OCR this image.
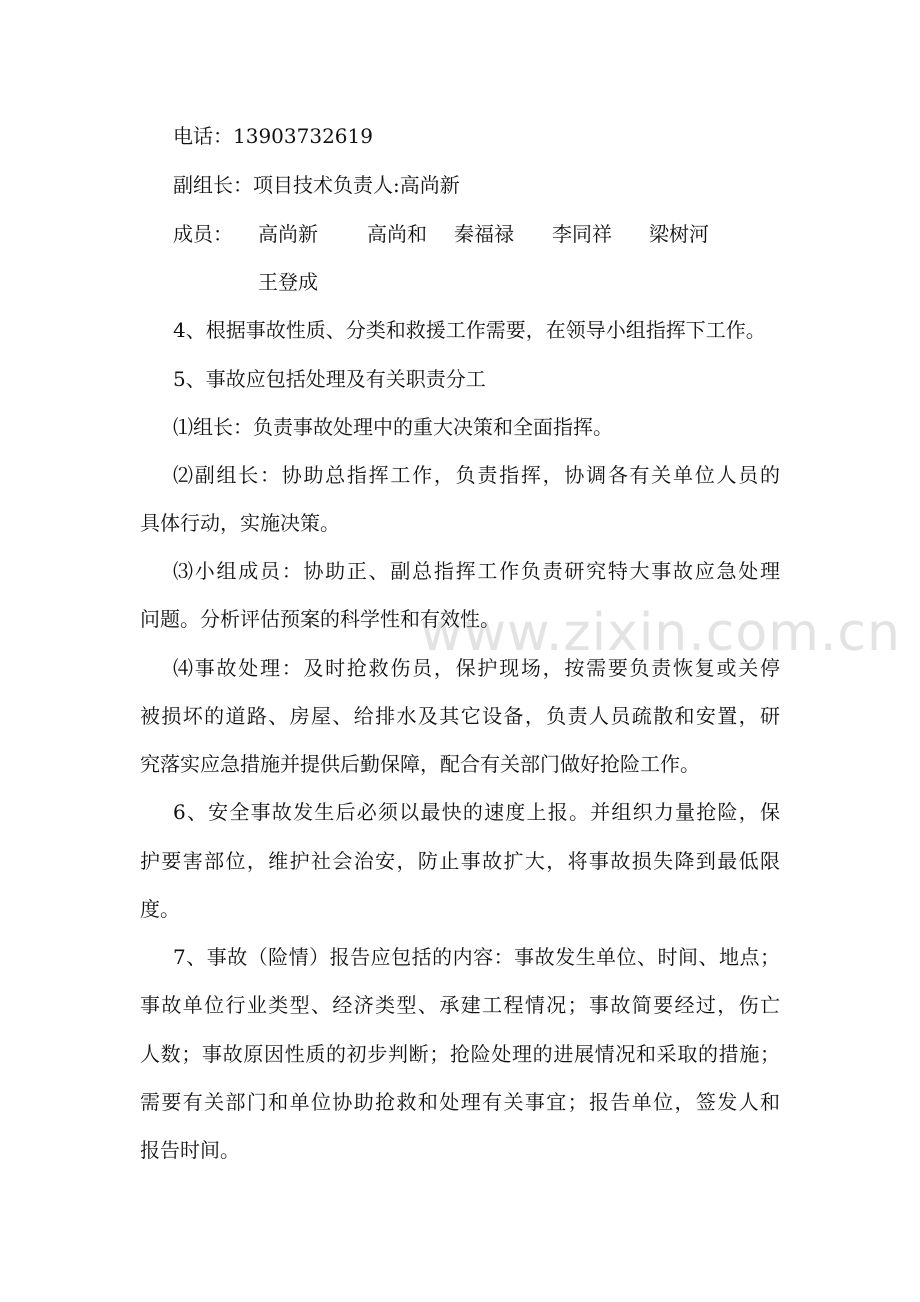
www.zixin.com.cn
电话：13903732619
副组长：项目技术负责人:高尚新
成员： 高尚新 高尚和 秦福禄 李同祥 梁树河
王登成
4、根据事故性质、分类和救援工作需要，在领导小组指挥下工作。
5、事故应包括处理及有关职责分工
⑴组长：负责事故处理中的重大决策和全面指挥。
⑵副组长：协助总指挥工作，负责指挥，协调各有关单位人员的
具体行动，实施决策。
⑶小组成员：协助正、副总指挥工作负责研究特大事故应急处理
问题。分析评估预案的科学性和有效性。
⑷事故处理：及时抢救伤员，保护现场，按需要负责恢复或关停
被损坏的道路、房屋、给排水及其它设备，负责人员疏散和安置，研
究落实应急措施并提供后勤保障，配合有关部门做好抢险工作。
6、安全事故发生后必须以最快的速度上报。并组织力量抢险，保
护要害部位，维护社会治安，防止事故扩大，将事故损失降到最低限
度。
7、事故（险情）报告应包括的内容：事故发生单位、时间、地点；
事故单位行业类型、经济类型、承建工程情况；事故简要经过，伤亡
人数；事故原因性质的初步判断；抢险处理的进展情况和采取的措施；
需要有关部门和单位协助抢救和处理有关事宜；报告单位，签发人和
报告时间。
